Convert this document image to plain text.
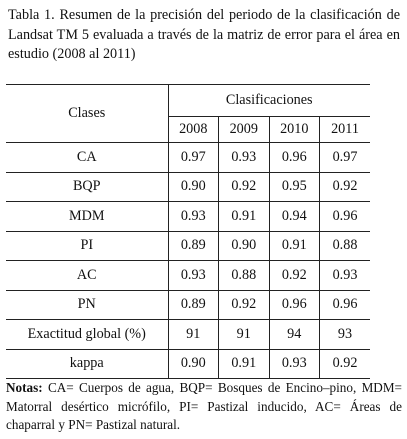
Tabla 1. Resumen de la precisión del periodo de la clasificación de Landsat TM 5 evaluada a través de la matriz de error para el área en estudio (2008 al 2011)
Clases	Clasificaciones			
	2008	2009	2010	2011
CA	0.97	0.93	0.96	0.97
BQP	0.90	0.92	0.95	0.92
MDM	0.93	0.91	0.94	0.96
PI	0.89	0.90	0.91	0.88
AC	0.93	0.88	0.92	0.93
PN	0.89	0.92	0.96	0.96
Exactitud global (%)	91	91	94	93
kappa	0.90	0.91	0.93	0.92
Notas: CA= Cuerpos de agua, BQP= Bosques de Encino–pino, MDM= Matorral desértico micrófilo, PI= Pastizal inducido, AC= Áreas de chaparral y PN= Pastizal natural.
